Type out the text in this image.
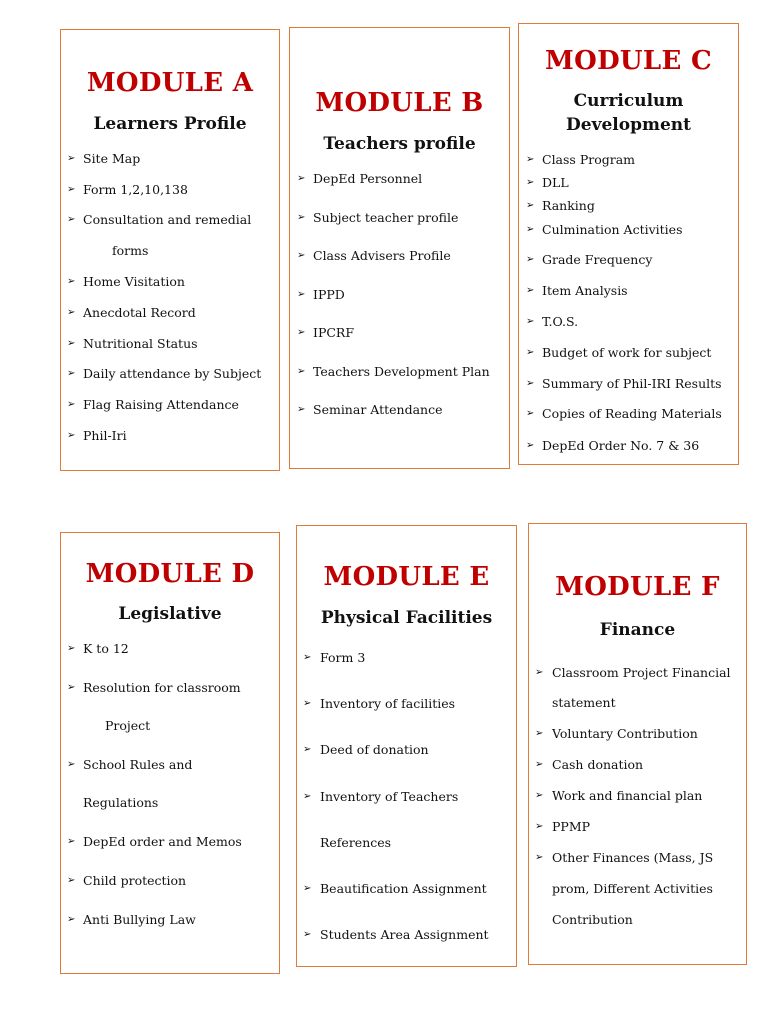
MODULE A
Learners Profile
➢ Site Map
➢ Form 1,2,10,138
➢ Consultation and remedial
forms
➢ Home Visitation
➢ Anecdotal Record
➢ Nutritional Status
➢ Daily attendance by Subject
➢ Flag Raising Attendance
➢ Phil-Iri
MODULE B
Teachers profile
➢ DepEd Personnel
➢ Subject teacher profile
➢ Class Advisers Profile
➢ IPPD
➢ IPCRF
➢ Teachers Development Plan
➢ Seminar Attendance
MODULE C
Curriculum
Development
➢ Class Program
➢ DLL
➢ Ranking
➢ Culmination Activities
➢ Grade Frequency
➢ Item Analysis
➢ T.O.S.
➢ Budget of work for subject
➢ Summary of Phil-IRI Results
➢ Copies of Reading Materials
➢ DepEd Order No. 7 & 36
MODULE D
Legislative
➢ K to 12
➢ Resolution for classroom
Project
➢ School Rules and
Regulations
➢ DepEd order and Memos
➢ Child protection
➢ Anti Bullying Law
MODULE E
Physical Facilities
➢ Form 3
➢ Inventory of facilities
➢ Deed of donation
➢ Inventory of Teachers
References
➢ Beautification Assignment
➢ Students Area Assignment
MODULE F
Finance
➢ Classroom Project Financial
statement
➢ Voluntary Contribution
➢ Cash donation
➢ Work and financial plan
➢ PPMP
➢ Other Finances (Mass, JS
prom, Different Activities
Contribution
